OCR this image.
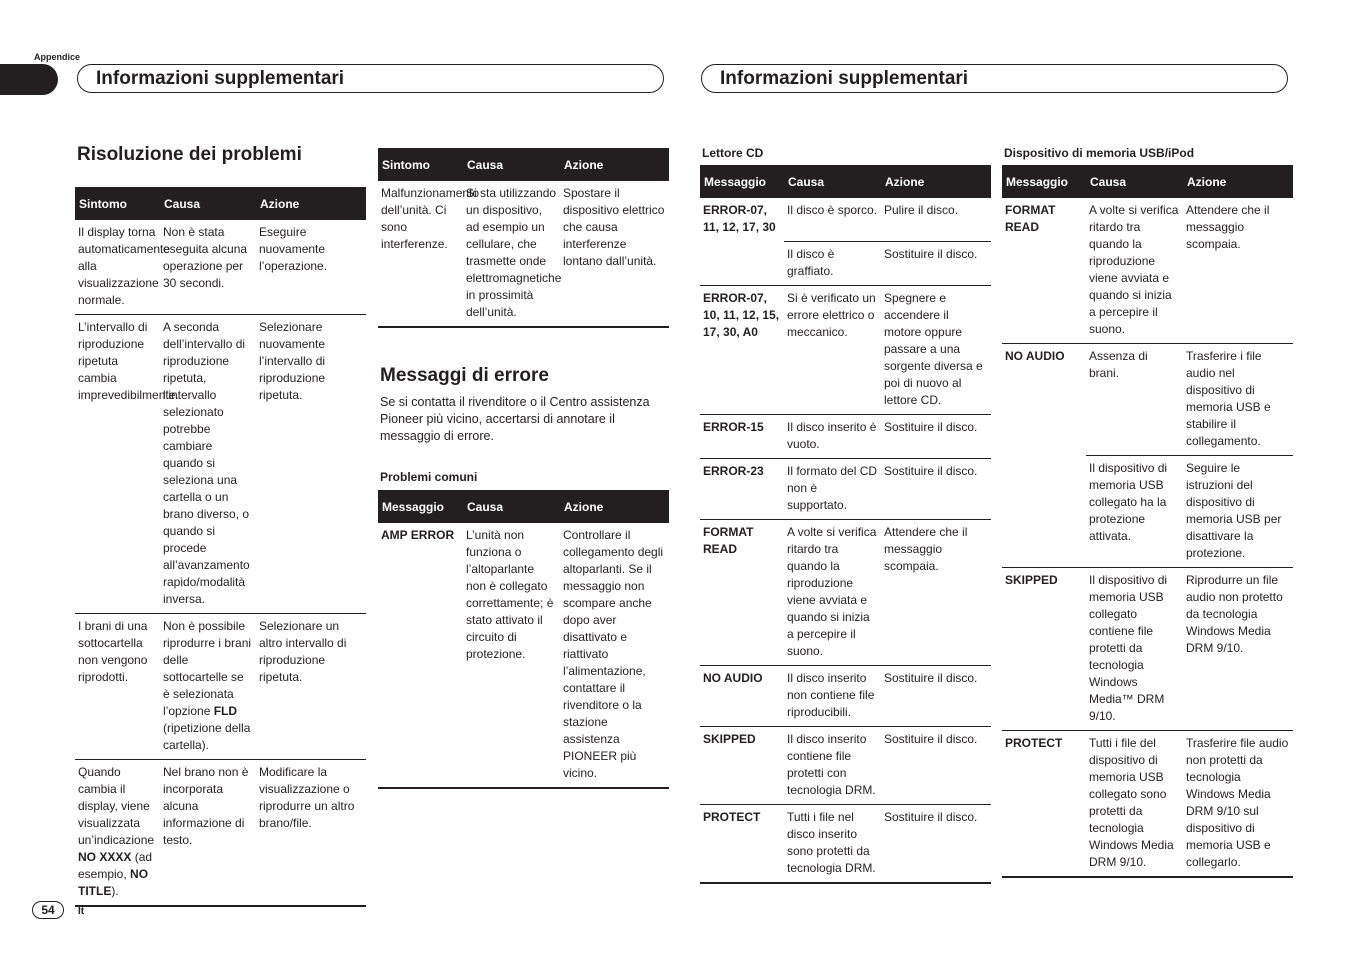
Appendice
Informazioni supplementari	Informazioni supplementari
Risoluzione dei problemi
Sintomo	Causa	Azione
Il display torna automaticamente alla visualizzazione normale.	Non è stata eseguita alcuna operazione per 30 secondi.	Eseguire nuovamente l’operazione.
L’intervallo di riproduzione ripetuta cambia imprevedibilmente.	A seconda dell’intervallo di riproduzione ripetuta, l’intervallo selezionato potrebbe cambiare quando si seleziona una cartella o un brano diverso, o quando si procede all’avanzamento rapido/modalità inversa.	Selezionare nuovamente l’intervallo di riproduzione ripetuta.
I brani di una sottocartella non vengono riprodotti.	Non è possibile riprodurre i brani delle sottocartelle se è selezionata l’opzione FLD (ripetizione della cartella).	Selezionare un altro intervallo di riproduzione ripetuta.
Quando cambia il display, viene visualizzata un’indicazione NO XXXX (ad esempio, NO TITLE).	Nel brano non è incorporata alcuna informazione di testo.	Modificare la visualizzazione o riprodurre un altro brano/file.
Sintomo	Causa	Azione
Malfunzionamento dell’unità. Ci sono interferenze.	Si sta utilizzando un dispositivo, ad esempio un cellulare, che trasmette onde elettromagnetiche in prossimità dell’unità.	Spostare il dispositivo elettrico che causa interferenze lontano dall’unità.
Messaggi di errore
Se si contatta il rivenditore o il Centro assistenza Pioneer più vicino, accertarsi di annotare il messaggio di errore.
Problemi comuni
Messaggio	Causa	Azione
AMP ERROR	L’unità non funziona o l’altoparlante non è collegato correttamente; è stato attivato il circuito di protezione.	Controllare il collegamento degli altoparlanti. Se il messaggio non scompare anche dopo aver disattivato e riattivato l’alimentazione, contattare il rivenditore o la stazione assistenza PIONEER più vicino.
Lettore CD
Messaggio	Causa	Azione
ERROR-07, 11, 12, 17, 30	Il disco è sporco.	Pulire il disco.
	Il disco è graffiato.	Sostituire il disco.
ERROR-07, 10, 11, 12, 15, 17, 30, A0	Si è verificato un errore elettrico o meccanico.	Spegnere e accendere il motore oppure passare a una sorgente diversa e poi di nuovo al lettore CD.
ERROR-15	Il disco inserito è vuoto.	Sostituire il disco.
ERROR-23	Il formato del CD non è supportato.	Sostituire il disco.
FORMAT READ	A volte si verifica ritardo tra quando la riproduzione viene avviata e quando si inizia a percepire il suono.	Attendere che il messaggio scompaia.
NO AUDIO	Il disco inserito non contiene file riproducibili.	Sostituire il disco.
SKIPPED	Il disco inserito contiene file protetti con tecnologia DRM.	Sostituire il disco.
PROTECT	Tutti i file nel disco inserito sono protetti da tecnologia DRM.	Sostituire il disco.
Dispositivo di memoria USB/iPod
Messaggio	Causa	Azione
FORMAT READ	A volte si verifica ritardo tra quando la riproduzione viene avviata e quando si inizia a percepire il suono.	Attendere che il messaggio scompaia.
NO AUDIO	Assenza di brani.	Trasferire i file audio nel dispositivo di memoria USB e stabilire il collegamento.
	Il dispositivo di memoria USB collegato ha la protezione attivata.	Seguire le istruzioni del dispositivo di memoria USB per disattivare la protezione.
SKIPPED	Il dispositivo di memoria USB collegato contiene file protetti da tecnologia Windows Media™ DRM 9/10.	Riprodurre un file audio non protetto da tecnologia Windows Media DRM 9/10.
PROTECT	Tutti i file del dispositivo di memoria USB collegato sono protetti da tecnologia Windows Media DRM 9/10.	Trasferire file audio non protetti da tecnologia Windows Media DRM 9/10 sul dispositivo di memoria USB e collegarlo.
54	It
